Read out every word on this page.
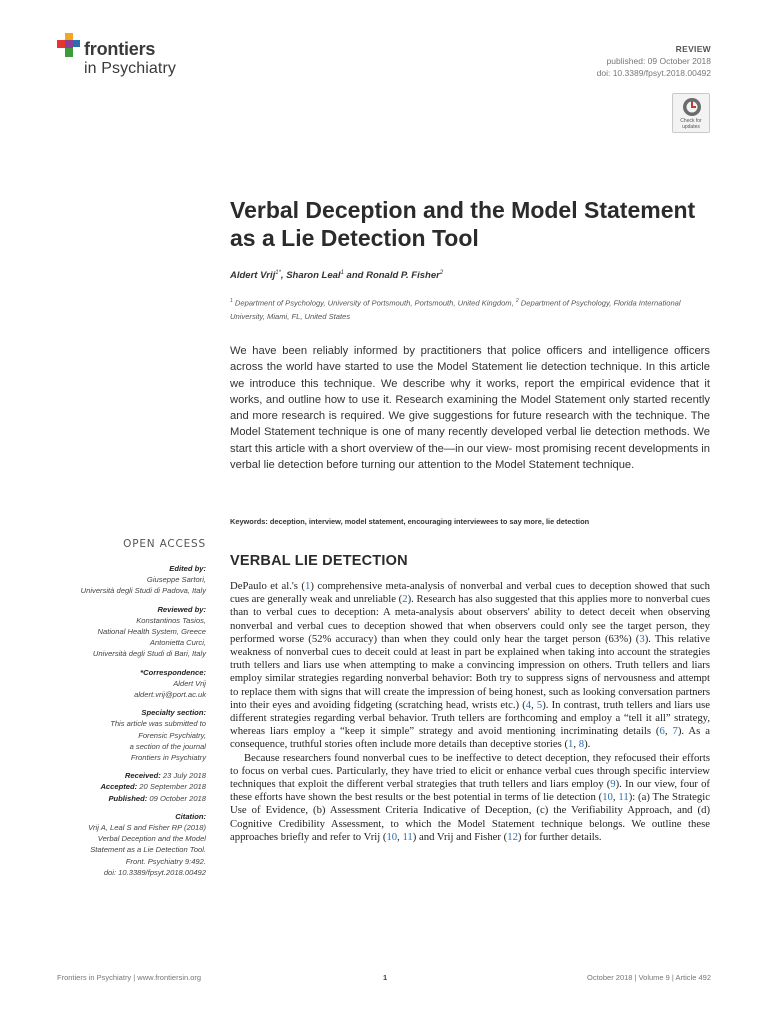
frontiers
in Psychiatry
REVIEW
published: 09 October 2018
doi: 10.3389/fpsyt.2018.00492
Check for updates
Verbal Deception and the Model Statement as a Lie Detection Tool
Aldert Vrij$^{1*}$, Sharon Leal$^1$ and Ronald P. Fisher$^2$
$^1$ Department of Psychology, University of Portsmouth, Portsmouth, United Kingdom, $^2$ Department of Psychology, Florida International University, Miami, FL, United States

We have been reliably informed by practitioners that police officers and intelligence officers across the world have started to use the Model Statement lie detection technique. In this article we introduce this technique. We describe why it works, report the empirical evidence that it works, and outline how to use it. Research examining the Model Statement only started recently and more research is required. We give suggestions for future research with the technique. The Model Statement technique is one of many recently developed verbal lie detection methods. We start this article with a short overview of the—in our view- most promising recent developments in verbal lie detection before turning our attention to the Model Statement technique.

Keywords: deception, interview, model statement, encouraging interviewees to say more, lie detection
OPEN ACCESS
Edited by:
Giuseppe Sartori,
Università degli Studi di Padova, Italy
Reviewed by:
Konstantinos Tasios,
National Health System, Greece
Antonietta Curci,
Università degli Studi di Bari, Italy
*Correspondence:
Aldert Vrij
aldert.vrij@port.ac.uk
Specialty section:
This article was submitted to
Forensic Psychiatry,
a section of the journal
Frontiers in Psychiatry
Received: 23 July 2018
Accepted: 20 September 2018
Published: 09 October 2018
Citation:
Vrij A, Leal S and Fisher RP (2018)
Verbal Deception and the Model
Statement as a Lie Detection Tool.
Front. Psychiatry 9:492.
doi: 10.3389/fpsyt.2018.00492
VERBAL LIE DETECTION

DePaulo et al.'s (1) comprehensive meta-analysis of nonverbal and verbal cues to deception showed that such cues are generally weak and unreliable (2). Research has also suggested that this applies more to nonverbal cues than to verbal cues to deception: A meta-analysis about observers' ability to detect deceit when observing nonverbal and verbal cues to deception showed that when observers could only see the target person, they performed worse (52% accuracy) than when they could only hear the target person (63%) (3). This relative weakness of nonverbal cues to deceit could at least in part be explained when taking into account the strategies truth tellers and liars use when attempting to make a convincing impression on others. Truth tellers and liars employ similar strategies regarding nonverbal behavior: Both try to suppress signs of nervousness and attempt to replace them with signs that will create the impression of being honest, such as looking conversation partners into their eyes and avoiding fidgeting (scratching head, wrists etc.) (4, 5). In contrast, truth tellers and liars use different strategies regarding verbal behavior. Truth tellers are forthcoming and employ a “tell it all” strategy, whereas liars employ a “keep it simple” strategy and avoid mentioning incriminating details (6, 7). As a consequence, truthful stories often include more details than deceptive stories (1, 8).

Because researchers found nonverbal cues to be ineffective to detect deception, they refocused their efforts to focus on verbal cues. Particularly, they have tried to elicit or enhance verbal cues through specific interview techniques that exploit the different verbal strategies that truth tellers and liars employ (9). In our view, four of these efforts have shown the best results or the best potential in terms of lie detection (10, 11): (a) The Strategic Use of Evidence, (b) Assessment Criteria Indicative of Deception, (c) the Verifiability Approach, and (d) Cognitive Credibility Assessment, to which the Model Statement technique belongs. We outline these approaches briefly and refer to Vrij (10, 11) and Vrij and Fisher (12) for further details.

Frontiers in Psychiatry | www.frontiersin.org	1	October 2018 | Volume 9 | Article 492
